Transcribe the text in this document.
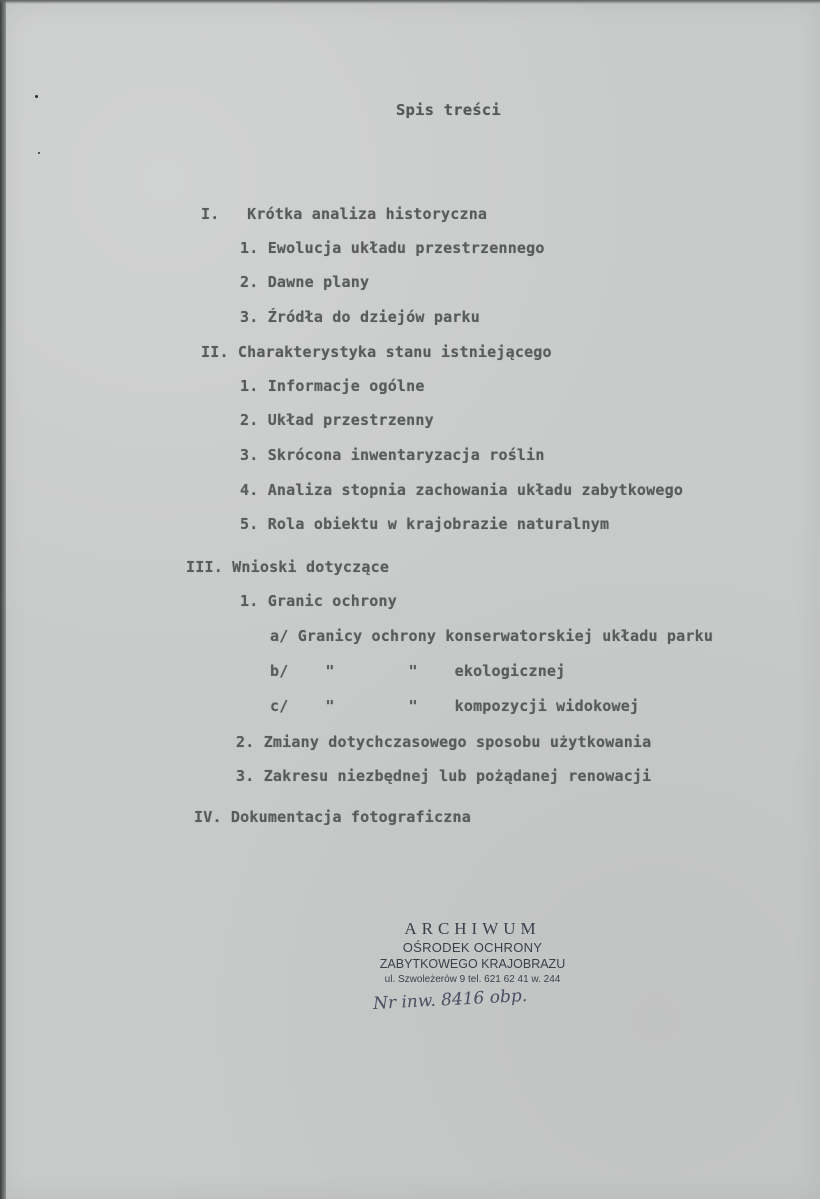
Spis treści
I.   Krótka analiza historyczna
1. Ewolucja układu przestrzennego
2. Dawne plany
3. Źródła do dziejów parku
II. Charakterystyka stanu istniejącego
1. Informacje ogólne
2. Układ przestrzenny
3. Skrócona inwentaryzacja roślin
4. Analiza stopnia zachowania układu zabytkowego
5. Rola obiektu w krajobrazie naturalnym
III. Wnioski dotyczące
1. Granic ochrony
a/ Granicy ochrony konserwatorskiej układu parku
b/    "        "    ekologicznej
c/    "        "    kompozycji widokowej
2. Zmiany dotychczasowego sposobu użytkowania
3. Zakresu niezbędnej lub pożądanej renowacji
IV. Dokumentacja fotograficzna
ARCHIWUM
OŚRODEK OCHRONY
ZABYTKOWEGO KRAJOBRAZU
ul. Szwoleżerów 9 tel. 621 62 41 w. 244
Nr inw. 8416 obp.
